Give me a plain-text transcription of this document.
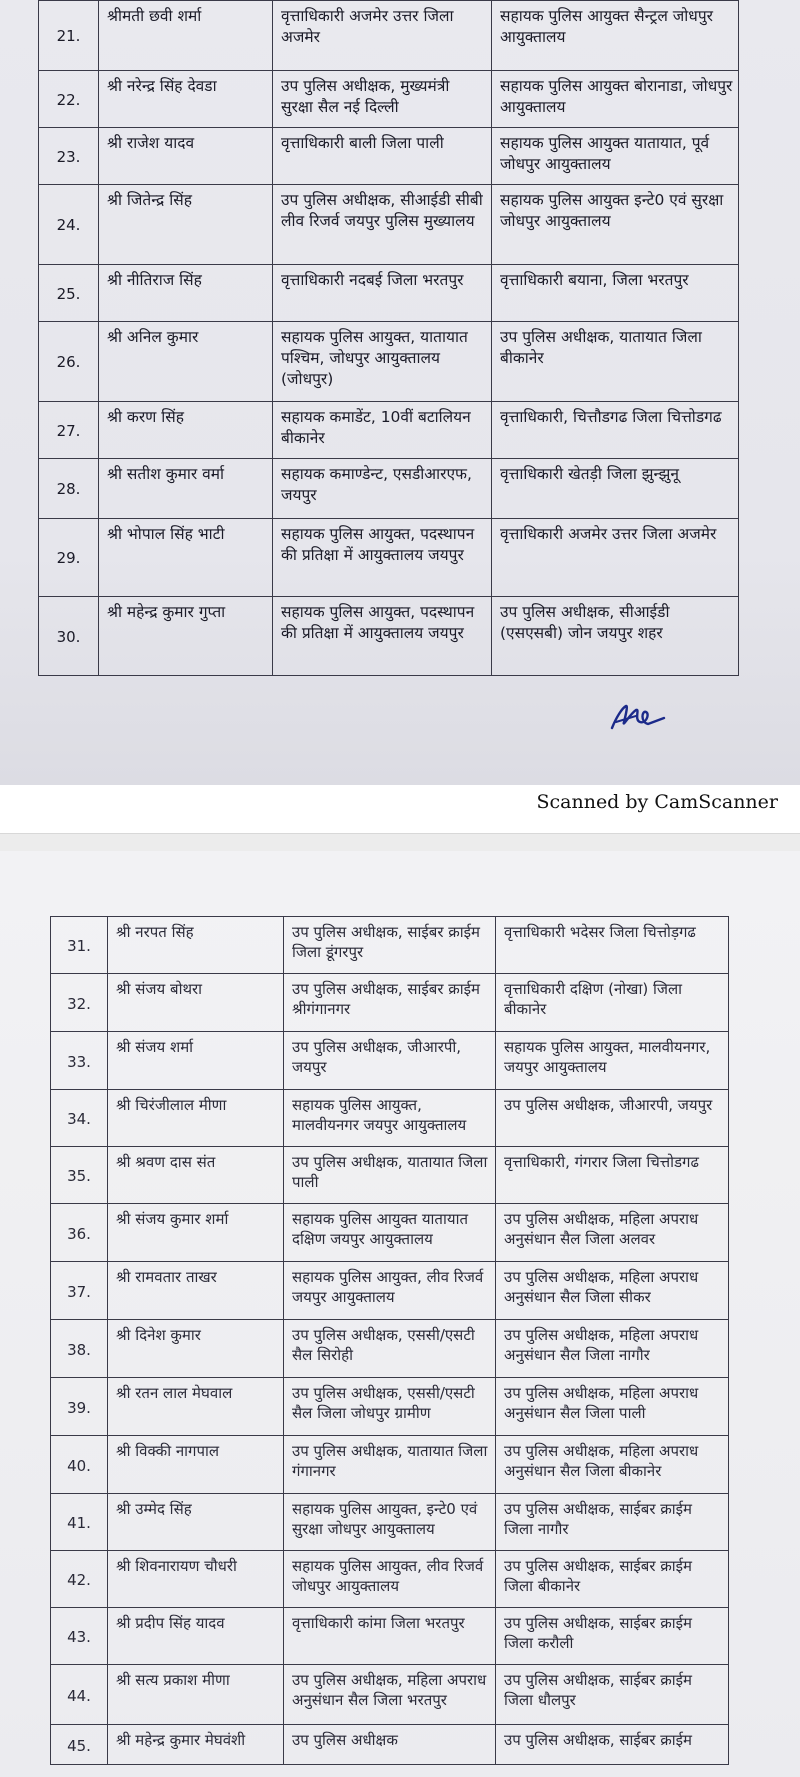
21.	श्रीमती छवी शर्मा	वृत्ताधिकारी अजमेर उत्तर जिला अजमेर	सहायक पुलिस आयुक्त सैन्ट्रल जोधपुर आयुक्तालय
22.	श्री नरेन्द्र सिंह देवडा	उप पुलिस अधीक्षक, मुख्यमंत्री सुरक्षा सैल नई दिल्ली	सहायक पुलिस आयुक्त बोरानाडा, जोधपुर आयुक्तालय
23.	श्री राजेश यादव	वृत्ताधिकारी बाली जिला पाली	सहायक पुलिस आयुक्त यातायात, पूर्व जोधपुर आयुक्तालय
24.	श्री जितेन्द्र सिंह	उप पुलिस अधीक्षक, सीआईडी सीबी लीव रिजर्व जयपुर पुलिस मुख्यालय	सहायक पुलिस आयुक्त इन्टे0 एवं सुरक्षा जोधपुर आयुक्तालय
25.	श्री नीतिराज सिंह	वृत्ताधिकारी नदबई जिला भरतपुर	वृत्ताधिकारी बयाना, जिला भरतपुर
26.	श्री अनिल कुमार	सहायक पुलिस आयुक्त, यातायात पश्चिम, जोधपुर आयुक्तालय (जोधपुर)	उप पुलिस अधीक्षक, यातायात जिला बीकानेर
27.	श्री करण सिंह	सहायक कमाडेंट, 10वीं बटालियन बीकानेर	वृत्ताधिकारी, चित्तौडगढ जिला चित्तोडगढ
28.	श्री सतीश कुमार वर्मा	सहायक कमाण्डेन्ट, एसडीआरएफ, जयपुर	वृत्ताधिकारी खेतड़ी जिला झुन्झुनू
29.	श्री भोपाल सिंह भाटी	सहायक पुलिस आयुक्त, पदस्थापन की प्रतिक्षा में आयुक्तालय जयपुर	वृत्ताधिकारी अजमेर उत्तर जिला अजमेर
30.	श्री महेन्द्र कुमार गुप्ता	सहायक पुलिस आयुक्त, पदस्थापन की प्रतिक्षा में आयुक्तालय जयपुर	उप पुलिस अधीक्षक, सीआईडी (एसएसबी) जोन जयपुर शहर
Scanned by CamScanner
31.	श्री नरपत सिंह	उप पुलिस अधीक्षक, साईबर क्राईम जिला डूंगरपुर	वृत्ताधिकारी भदेसर जिला चित्तोड़गढ
32.	श्री संजय बोथरा	उप पुलिस अधीक्षक, साईबर क्राईम श्रीगंगानगर	वृत्ताधिकारी दक्षिण (नोखा) जिला बीकानेर
33.	श्री संजय शर्मा	उप पुलिस अधीक्षक, जीआरपी, जयपुर	सहायक पुलिस आयुक्त, मालवीयनगर, जयपुर आयुक्तालय
34.	श्री चिरंजीलाल मीणा	सहायक पुलिस आयुक्त, मालवीयनगर जयपुर आयुक्तालय	उप पुलिस अधीक्षक, जीआरपी, जयपुर
35.	श्री श्रवण दास संत	उप पुलिस अधीक्षक, यातायात जिला पाली	वृत्ताधिकारी, गंगरार जिला चित्तोडगढ
36.	श्री संजय कुमार शर्मा	सहायक पुलिस आयुक्त यातायात दक्षिण जयपुर आयुक्तालय	उप पुलिस अधीक्षक, महिला अपराध अनुसंधान सैल जिला अलवर
37.	श्री रामवतार ताखर	सहायक पुलिस आयुक्त, लीव रिजर्व जयपुर आयुक्तालय	उप पुलिस अधीक्षक, महिला अपराध अनुसंधान सैल जिला सीकर
38.	श्री दिनेश कुमार	उप पुलिस अधीक्षक, एससी/एसटी सैल सिरोही	उप पुलिस अधीक्षक, महिला अपराध अनुसंधान सैल जिला नागौर
39.	श्री रतन लाल मेघवाल	उप पुलिस अधीक्षक, एससी/एसटी सैल जिला जोधपुर ग्रामीण	उप पुलिस अधीक्षक, महिला अपराध अनुसंधान सैल जिला पाली
40.	श्री विक्की नागपाल	उप पुलिस अधीक्षक, यातायात जिला गंगानगर	उप पुलिस अधीक्षक, महिला अपराध अनुसंधान सैल जिला बीकानेर
41.	श्री उम्मेद सिंह	सहायक पुलिस आयुक्त, इन्टे0 एवं सुरक्षा जोधपुर आयुक्तालय	उप पुलिस अधीक्षक, साईबर क्राईम जिला नागौर
42.	श्री शिवनारायण चौधरी	सहायक पुलिस आयुक्त, लीव रिजर्व जोधपुर आयुक्तालय	उप पुलिस अधीक्षक, साईबर क्राईम जिला बीकानेर
43.	श्री प्रदीप सिंह यादव	वृत्ताधिकारी कांमा जिला भरतपुर	उप पुलिस अधीक्षक, साईबर क्राईम जिला करौली
44.	श्री सत्य प्रकाश मीणा	उप पुलिस अधीक्षक, महिला अपराध अनुसंधान सैल जिला भरतपुर	उप पुलिस अधीक्षक, साईबर क्राईम जिला धौलपुर
45.	श्री महेन्द्र कुमार मेघवंशी	उप पुलिस अधीक्षक	उप पुलिस अधीक्षक, साईबर क्राईम
